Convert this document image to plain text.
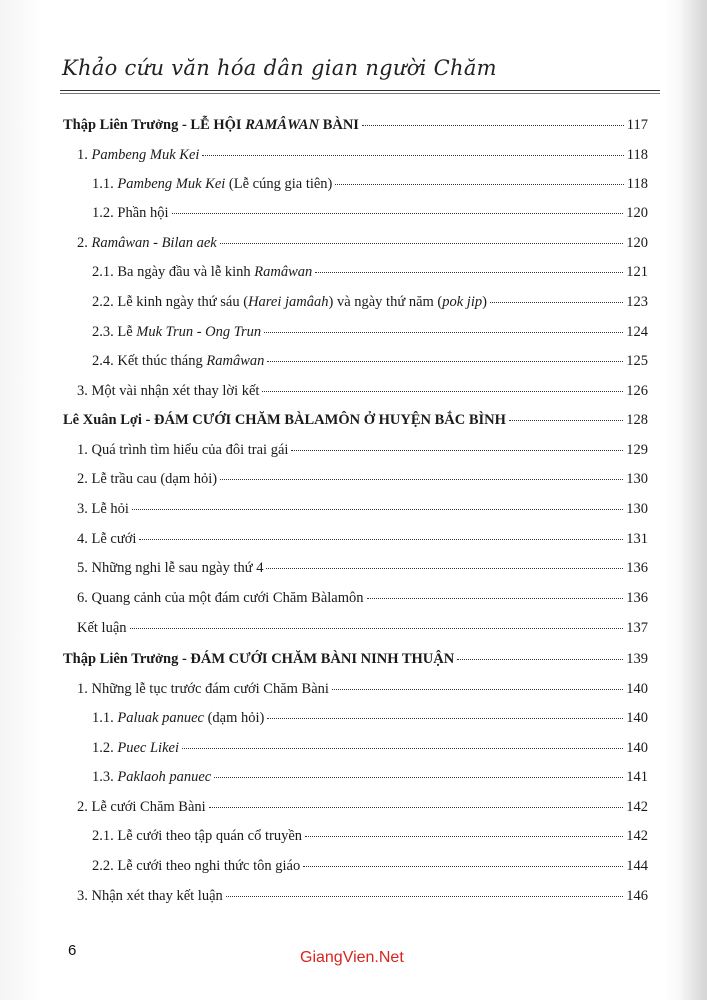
Khảo cứu văn hóa dân gian người Chăm
Thập Liên Trưởng - LỄ HỘI RAMÂWAN BÀNI	117
1. Pambeng Muk Kei	118
1.1. Pambeng Muk Kei (Lễ cúng gia tiên)	118
1.2. Phần hội	120
2. Ramâwan - Bilan aek	120
2.1. Ba ngày đầu và lễ kinh Ramâwan	121
2.2. Lễ kinh ngày thứ sáu (Harei jamâah) và ngày thứ năm (pok jip)	123
2.3. Lễ Muk Trun - Ong Trun	124
2.4. Kết thúc tháng Ramâwan	125
3. Một vài nhận xét thay lời kết	126
Lê Xuân Lợi - ĐÁM CƯỚI CHĂM BÀLAMÔN Ở HUYỆN BẮC BÌNH	128
1. Quá trình tìm hiểu của đôi trai gái	129
2. Lễ trầu cau (dạm hỏi)	130
3. Lễ hỏi	130
4. Lễ cưới	131
5. Những nghi lễ sau ngày thứ 4	136
6. Quang cảnh của một đám cưới Chăm Bàlamôn	136
Kết luận	137
Thập Liên Trưởng - ĐÁM CƯỚI CHĂM BÀNI NINH THUẬN	139
1. Những lễ tục trước đám cưới Chăm Bàni	140
1.1. Paluak panuec (dạm hỏi)	140
1.2. Puec Likei	140
1.3. Paklaoh panuec	141
2. Lễ cưới Chăm Bàni	142
2.1. Lễ cưới theo tập quán cổ truyền	142
2.2. Lễ cưới theo nghi thức tôn giáo	144
3. Nhận xét thay kết luận	146
6	GiangVien.Net
